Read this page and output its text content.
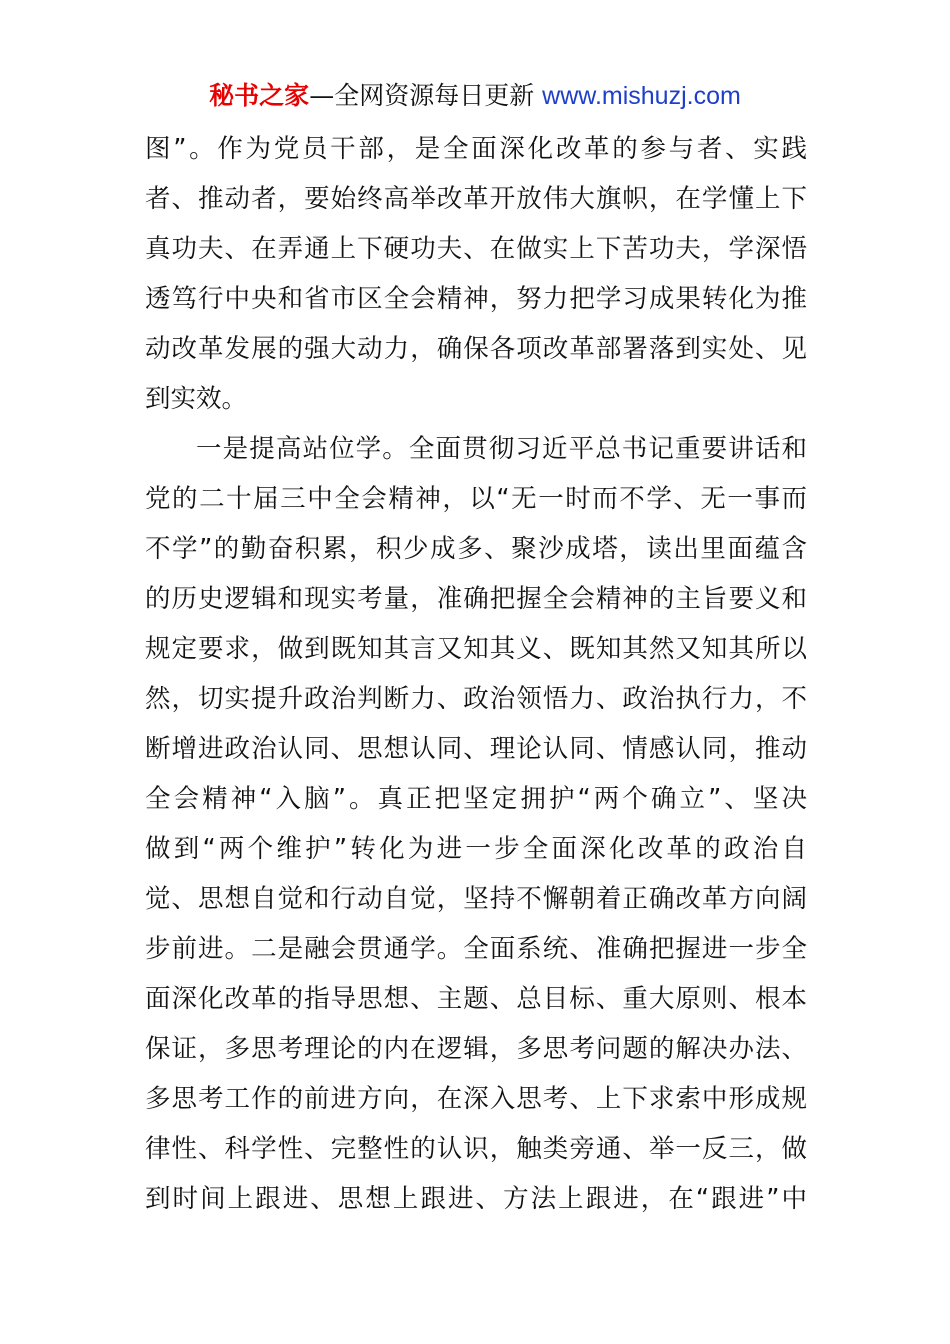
秘书之家—全网资源每日更新 www.mishuzj.com
图”。作为党员干部，是全面深化改革的参与者、实践
者、推动者，要始终高举改革开放伟大旗帜，在学懂上下
真功夫、在弄通上下硬功夫、在做实上下苦功夫，学深悟
透笃行中央和省市区全会精神，努力把学习成果转化为推
动改革发展的强大动力，确保各项改革部署落到实处、见
到实效。
一是提高站位学。全面贯彻习近平总书记重要讲话和
党的二十届三中全会精神，以“无一时而不学、无一事而
不学”的勤奋积累，积少成多、聚沙成塔，读出里面蕴含
的历史逻辑和现实考量，准确把握全会精神的主旨要义和
规定要求，做到既知其言又知其义、既知其然又知其所以
然，切实提升政治判断力、政治领悟力、政治执行力，不
断增进政治认同、思想认同、理论认同、情感认同，推动
全会精神“入脑”。真正把坚定拥护“两个确立”、坚决
做到“两个维护”转化为进一步全面深化改革的政治自
觉、思想自觉和行动自觉，坚持不懈朝着正确改革方向阔
步前进。二是融会贯通学。全面系统、准确把握进一步全
面深化改革的指导思想、主题、总目标、重大原则、根本
保证，多思考理论的内在逻辑，多思考问题的解决办法、
多思考工作的前进方向，在深入思考、上下求索中形成规
律性、科学性、完整性的认识，触类旁通、举一反三，做
到时间上跟进、思想上跟进、方法上跟进，在“跟进”中
